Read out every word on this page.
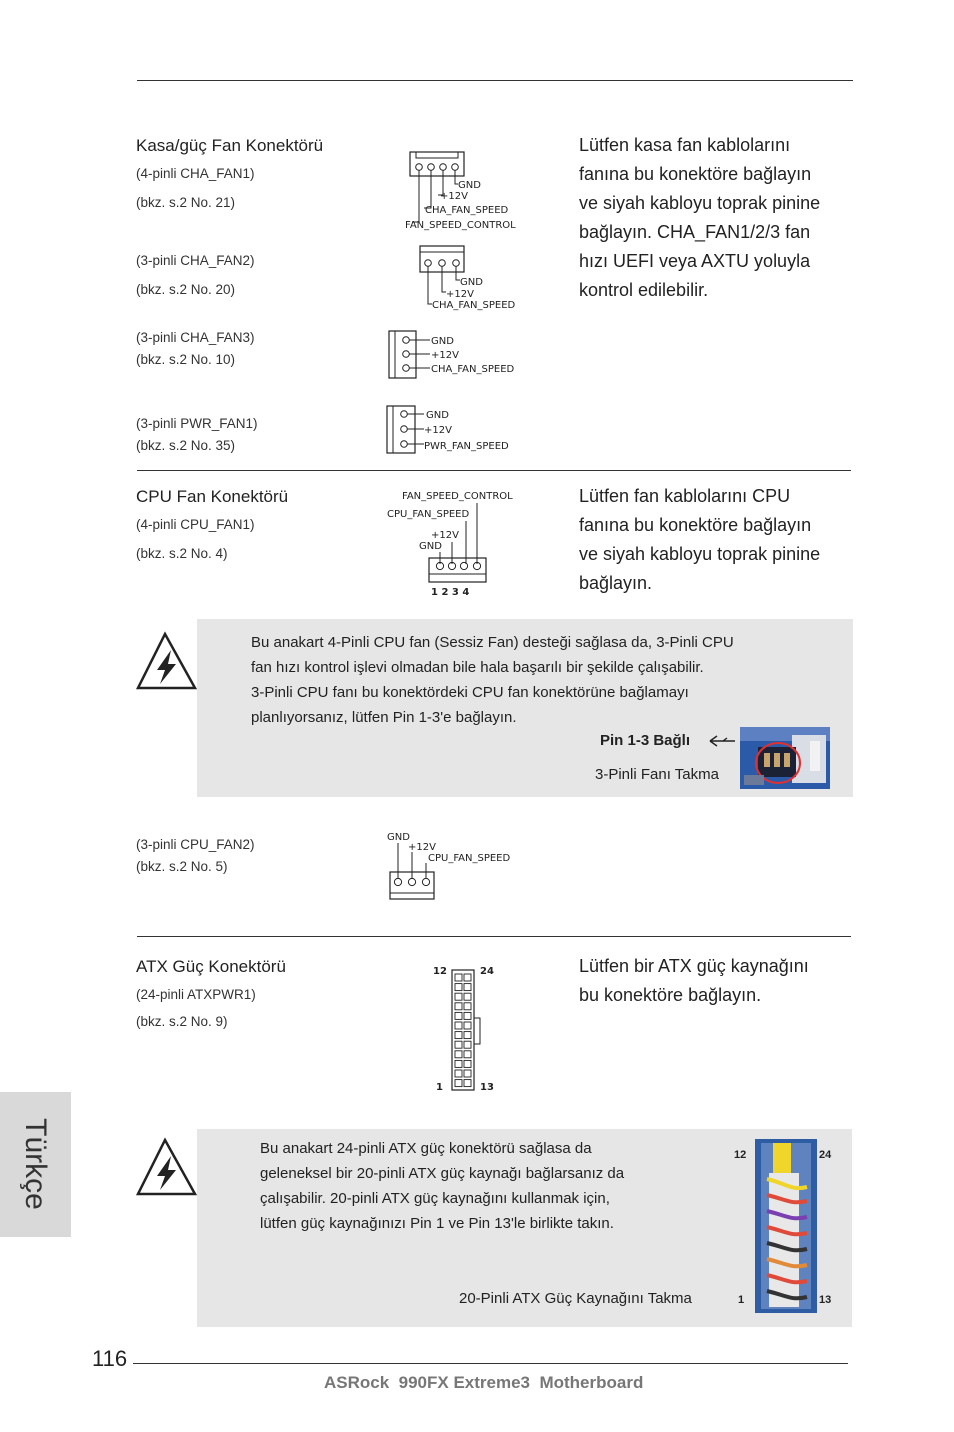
Kasa/güç Fan Konektörü
(4-pinli CHA_FAN1)
(bkz. s.2 No. 21)
(3-pinli CHA_FAN2)
(bkz. s.2 No. 20)
(3-pinli CHA_FAN3)
(bkz. s.2 No. 10)
(3-pinli PWR_FAN1)
(bkz. s.2 No. 35)
Lütfen kasa fan kablolarını
fanına bu konektöre bağlayın
ve siyah kabloyu toprak pinine
bağlayın. CHA_FAN1/2/3 fan
hızı UEFI veya AXTU yoluyla
kontrol edilebilir.
GND
+12V
CHA_FAN_SPEED
FAN_SPEED_CONTROL
GND
+12V
CHA_FAN_SPEED
GND
+12V
CHA_FAN_SPEED
GND
+12V
PWR_FAN_SPEED
CPU Fan Konektörü
(4-pinli CPU_FAN1)
(bkz. s.2 No. 4)
Lütfen fan kablolarını CPU
fanına bu konektöre bağlayın
ve siyah kabloyu toprak pinine
bağlayın.
FAN_SPEED_CONTROL
CPU_FAN_SPEED
+12V
GND
1 2 3 4
Bu anakart 4-Pinli CPU fan (Sessiz Fan) desteği sağlasa da, 3-Pinli CPU
fan hızı kontrol işlevi olmadan bile hala başarılı bir şekilde çalışabilir.
3-Pinli CPU fanı bu konektördeki CPU fan konektörüne bağlamayı
planlıyorsanız, lütfen Pin 1-3'e bağlayın.
Pin 1-3 Bağlı
3-Pinli Fanı Takma
(3-pinli CPU_FAN2)
(bkz. s.2 No. 5)
GND
+12V
CPU_FAN_SPEED
ATX Güç Konektörü
(24-pinli ATXPWR1)
(bkz. s.2 No. 9)
Lütfen bir ATX güç kaynağını
bu konektöre bağlayın.
12	24
1	13
Bu anakart 24-pinli ATX güç konektörü sağlasa da
geleneksel bir 20-pinli ATX güç kaynağı bağlarsanız da
çalışabilir. 20-pinli ATX güç kaynağını kullanmak için,
lütfen güç kaynağınızı Pin 1 ve Pin 13'le birlikte takın.
20-Pinli ATX Güç Kaynağını Takma
12	24
1	13
Türkçe
116
ASRock  990FX Extreme3  Motherboard
